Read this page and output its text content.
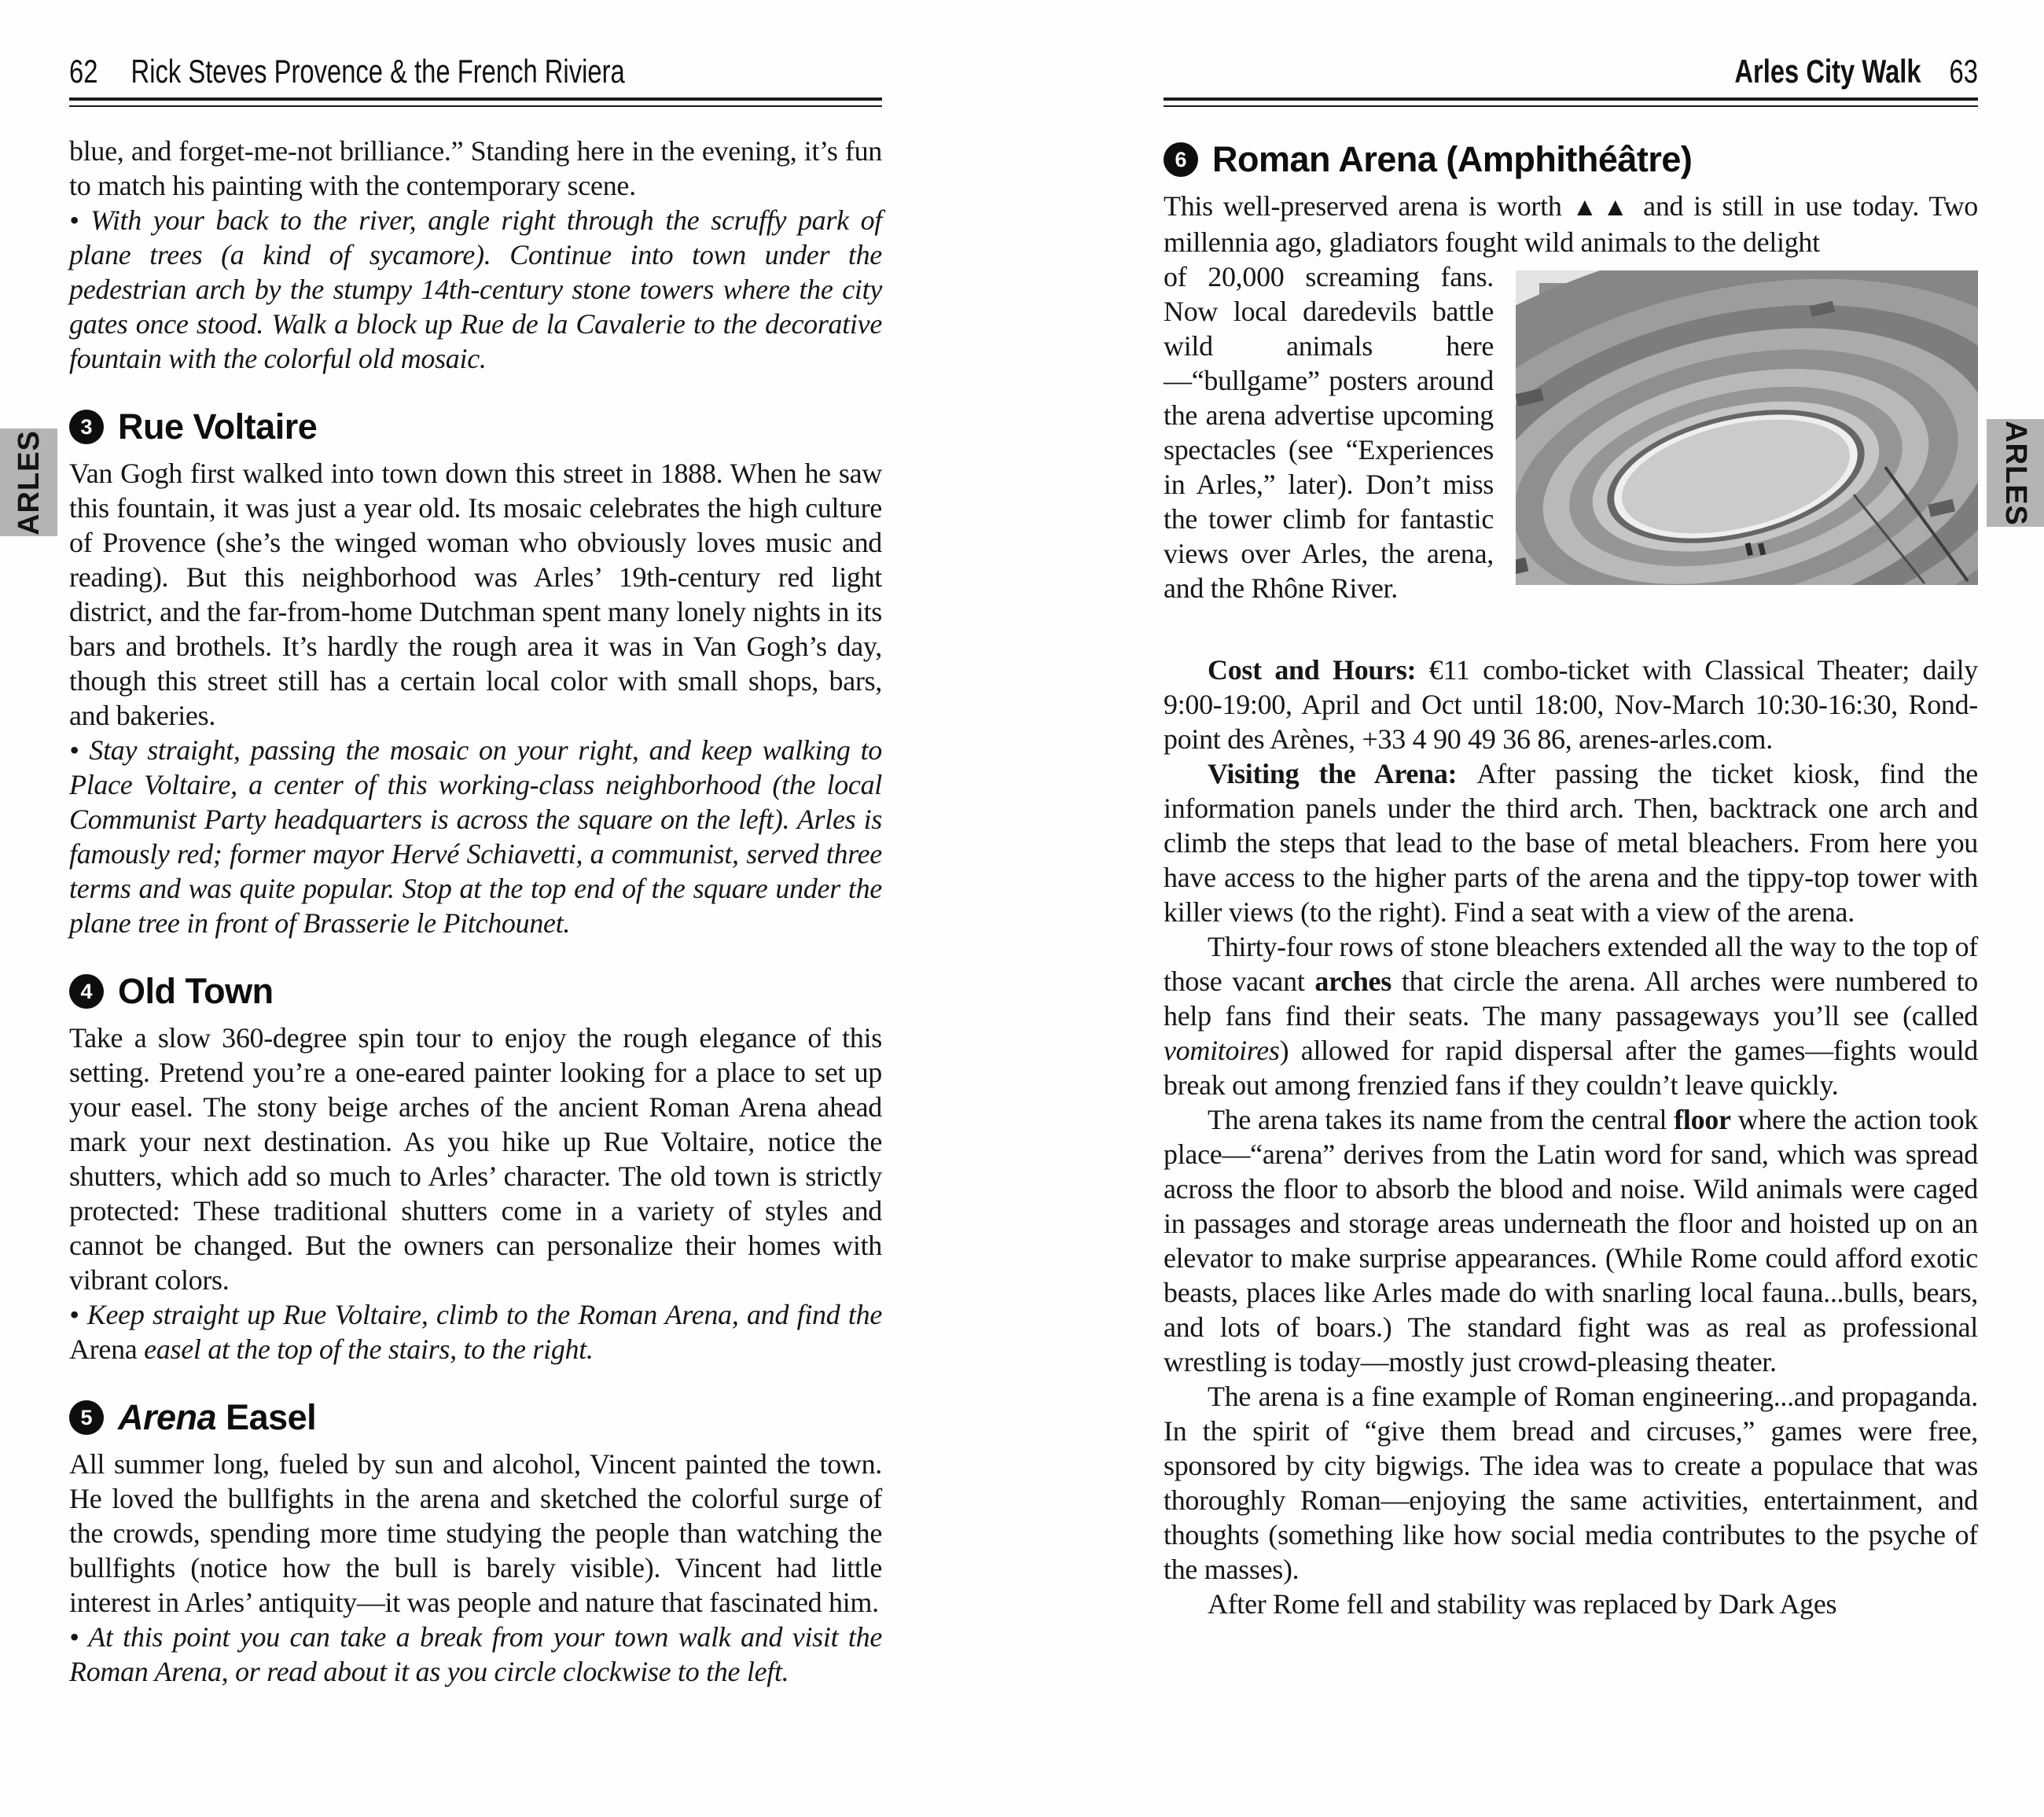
62 Rick Steves Provence & the French Riviera	Arles City Walk 63

blue, and forget-me-not brilliance.” Standing here in the evening, it’s fun to match his painting with the contemporary scene.

• With your back to the river, angle right through the scruffy park of plane trees (a kind of sycamore). Continue into town under the pedestrian arch by the stumpy 14th-century stone towers where the city gates once stood. Walk a block up Rue de la Cavalerie to the decorative fountain with the colorful old mosaic.

3 Rue Voltaire

Van Gogh first walked into town down this street in 1888. When he saw this fountain, it was just a year old. Its mosaic celebrates the high culture of Provence (she’s the winged woman who obviously loves music and reading). But this neighborhood was Arles’ 19th-century red light district, and the far-from-home Dutchman spent many lonely nights in its bars and brothels. It’s hardly the rough area it was in Van Gogh’s day, though this street still has a certain local color with small shops, bars, and bakeries.

• Stay straight, passing the mosaic on your right, and keep walking to Place Voltaire, a center of this working-class neighborhood (the local Communist Party headquarters is across the square on the left). Arles is famously red; former mayor Hervé Schiavetti, a communist, served three terms and was quite popular. Stop at the top end of the square under the plane tree in front of Brasserie le Pitchounet.

4 Old Town

Take a slow 360-degree spin tour to enjoy the rough elegance of this setting. Pretend you’re a one-eared painter looking for a place to set up your easel. The stony beige arches of the ancient Roman Arena ahead mark your next destination. As you hike up Rue Voltaire, notice the shutters, which add so much to Arles’ character. The old town is strictly protected: These traditional shutters come in a variety of styles and cannot be changed. But the owners can personalize their homes with vibrant colors.

• Keep straight up Rue Voltaire, climb to the Roman Arena, and find the Arena easel at the top of the stairs, to the right.

5 Arena Easel

All summer long, fueled by sun and alcohol, Vincent painted the town. He loved the bullfights in the arena and sketched the colorful surge of the crowds, spending more time studying the people than watching the bullfights (notice how the bull is barely visible). Vincent had little interest in Arles’ antiquity—it was people and nature that fascinated him.

• At this point you can take a break from your town walk and visit the Roman Arena, or read about it as you circle clockwise to the left.

6 Roman Arena (Amphithéâtre)

This well-preserved arena is worth ▲▲ and is still in use today. Two millennia ago, gladiators fought wild animals to the delight

of 20,000 screaming fans. Now local daredevils battle wild animals here—“bullgame” posters around the arena advertise upcoming spectacles (see “Experiences in Arles,” later). Don’t miss the tower climb for fantastic views over Arles, the arena, and the Rhône River.

Cost and Hours: €11 combo-ticket with Classical Theater; daily 9:00-19:00, April and Oct until 18:00, Nov-March 10:30-16:30, Rond-point des Arènes, +33 4 90 49 36 86, arenes-arles.com.

Visiting the Arena: After passing the ticket kiosk, find the information panels under the third arch. Then, backtrack one arch and climb the steps that lead to the base of metal bleachers. From here you have access to the higher parts of the arena and the tippy-top tower with killer views (to the right). Find a seat with a view of the arena.

Thirty-four rows of stone bleachers extended all the way to the top of those vacant arches that circle the arena. All arches were numbered to help fans find their seats. The many passageways you’ll see (called vomitoires) allowed for rapid dispersal after the games—fights would break out among frenzied fans if they couldn’t leave quickly.

The arena takes its name from the central floor where the action took place—“arena” derives from the Latin word for sand, which was spread across the floor to absorb the blood and noise. Wild animals were caged in passages and storage areas underneath the floor and hoisted up on an elevator to make surprise appearances. (While Rome could afford exotic beasts, places like Arles made do with snarling local fauna...bulls, bears, and lots of boars.) The standard fight was as real as professional wrestling is today—mostly just crowd-pleasing theater.

The arena is a fine example of Roman engineering...and propaganda. In the spirit of “give them bread and circuses,” games were free, sponsored by city bigwigs. The idea was to create a populace that was thoroughly Roman—enjoying the same activities, entertainment, and thoughts (something like how social media contributes to the psyche of the masses).

After Rome fell and stability was replaced by Dark Ages

ARLES	ARLES
